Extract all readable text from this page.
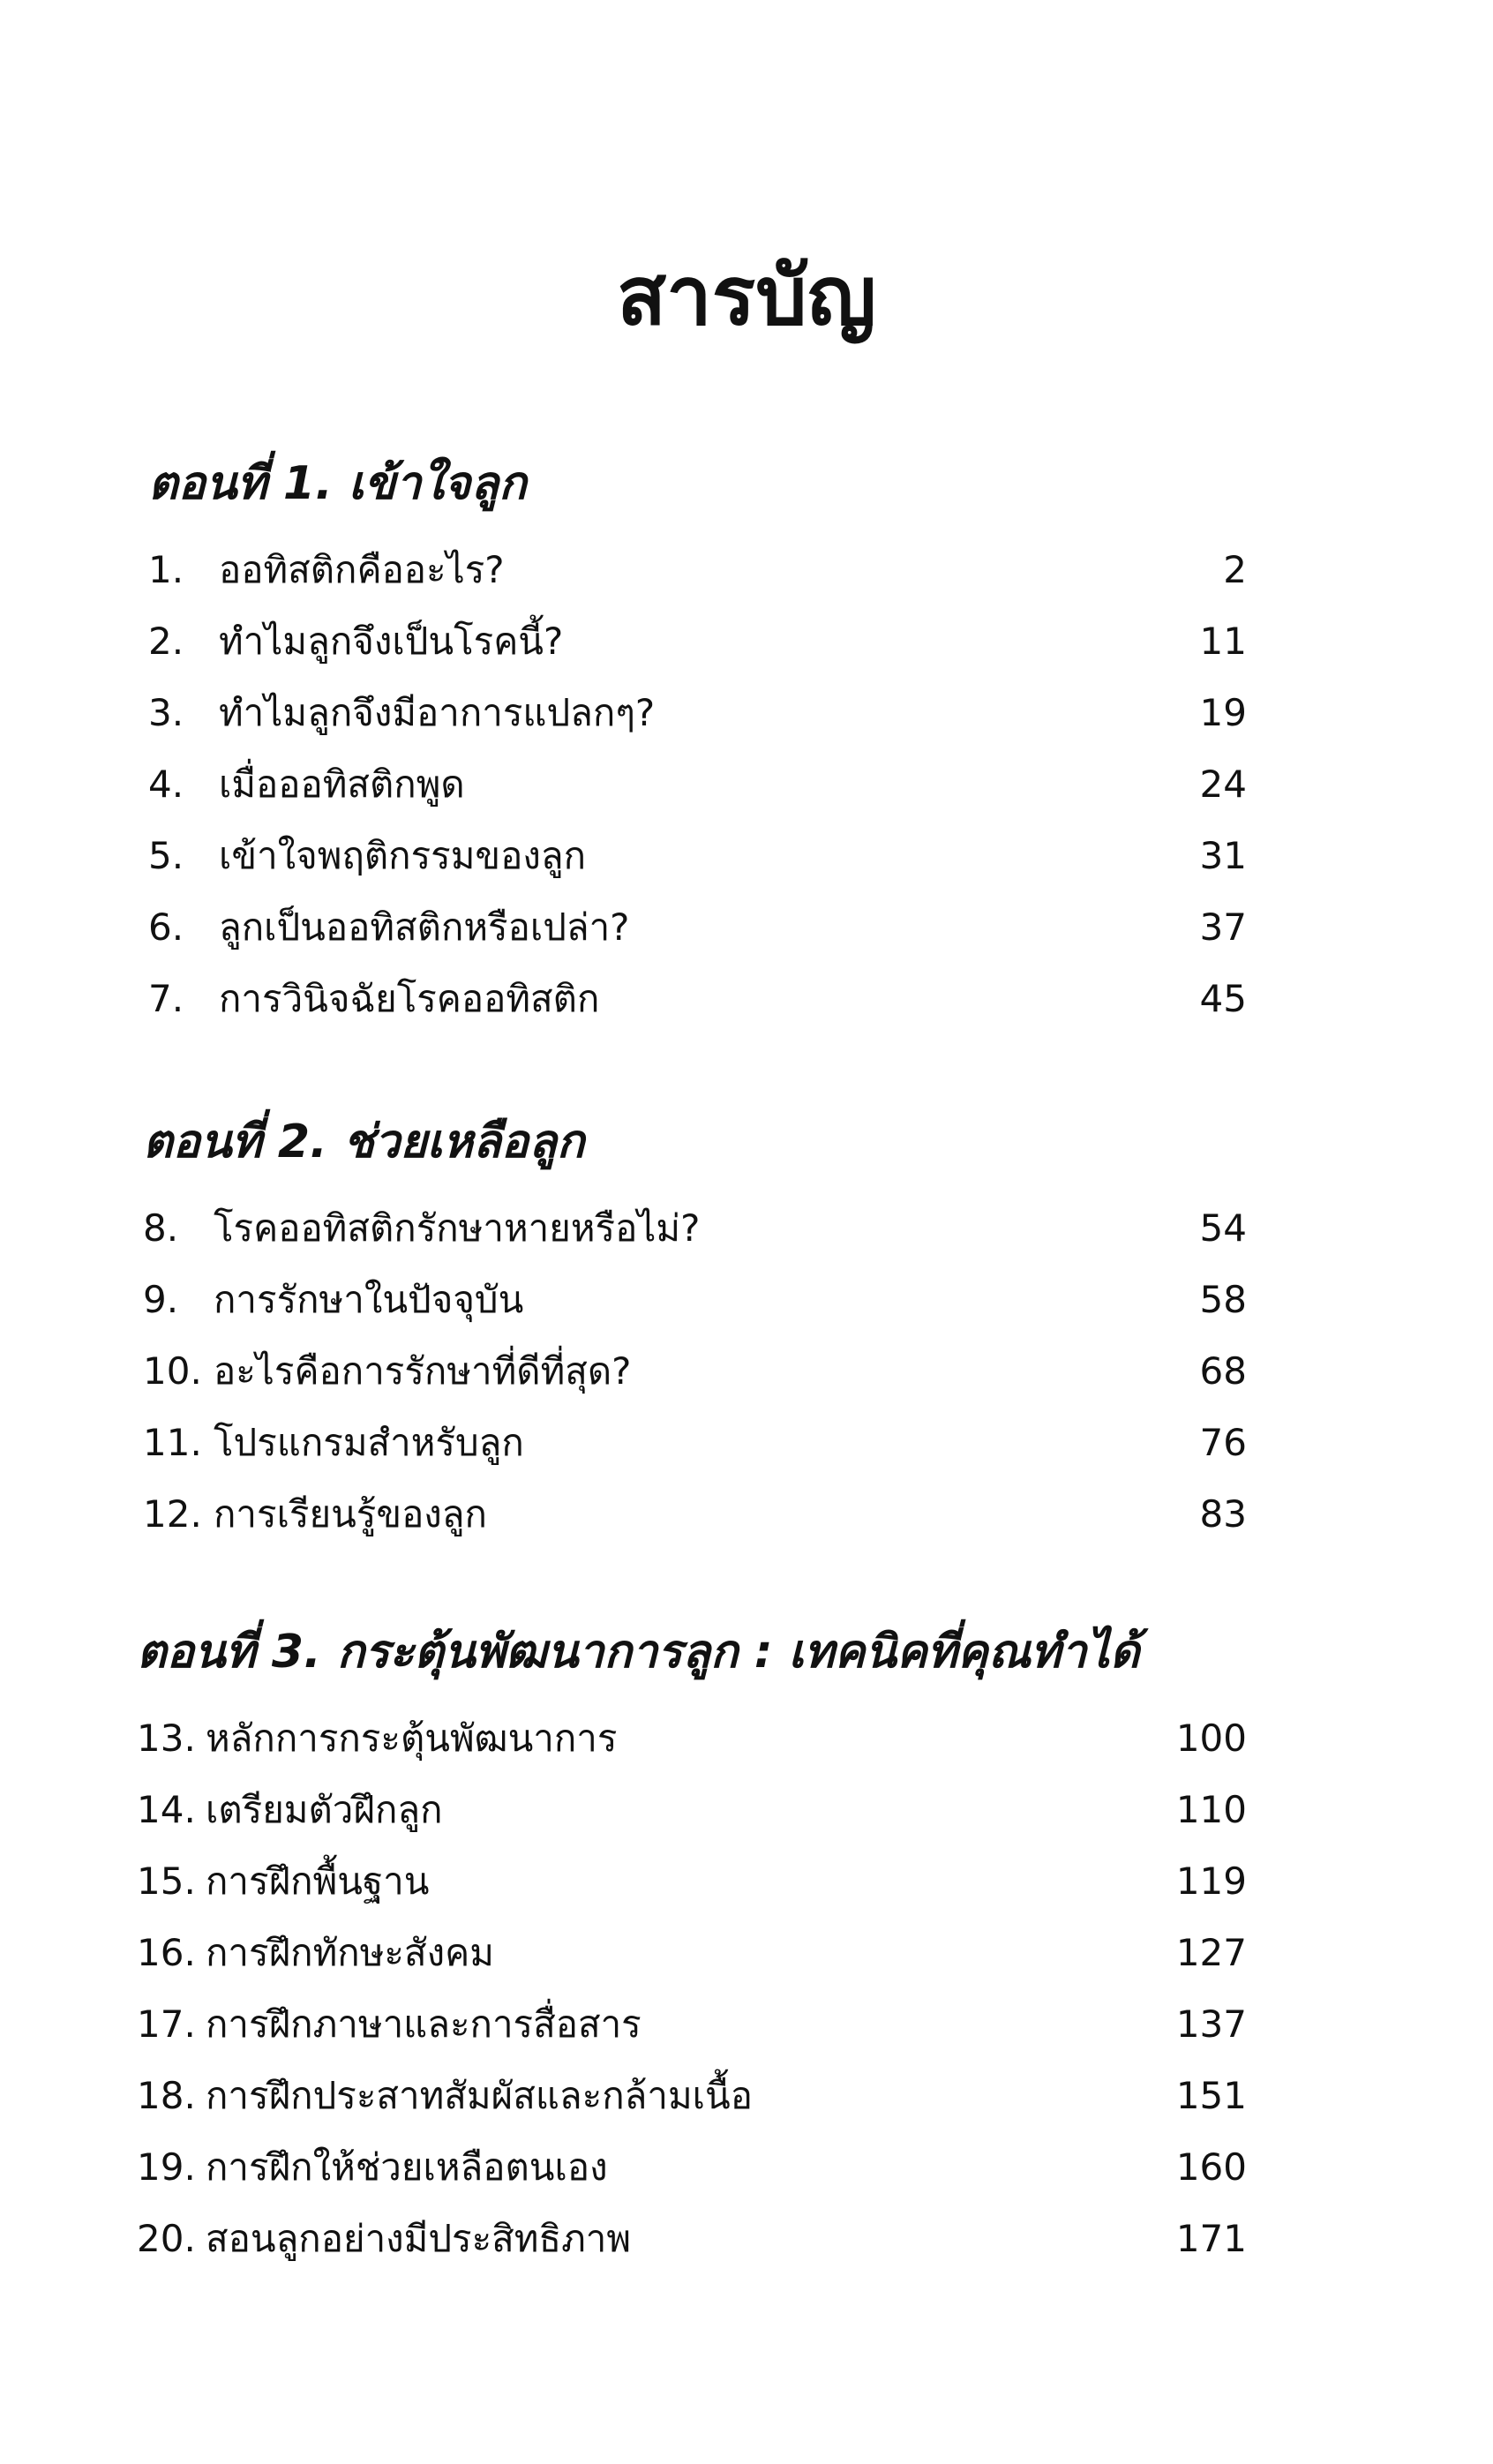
สารบัญ
ตอนที่ 1. เข้าใจลูก
1. ออทิสติกคืออะไร?	2
2. ทำไมลูกจึงเป็นโรคนี้?	11
3. ทำไมลูกจึงมีอาการแปลกๆ?	19
4. เมื่อออทิสติกพูด	24
5. เข้าใจพฤติกรรมของลูก	31
6. ลูกเป็นออทิสติกหรือเปล่า?	37
7. การวินิจฉัยโรคออทิสติก	45
ตอนที่ 2. ช่วยเหลือลูก
8. โรคออทิสติกรักษาหายหรือไม่?	54
9. การรักษาในปัจจุบัน	58
10. อะไรคือการรักษาที่ดีที่สุด?	68
11. โปรแกรมสำหรับลูก	76
12. การเรียนรู้ของลูก	83
ตอนที่ 3. กระตุ้นพัฒนาการลูก : เทคนิคที่คุณทำได้
13. หลักการกระตุ้นพัฒนาการ	100
14. เตรียมตัวฝึกลูก	110
15. การฝึกพื้นฐาน	119
16. การฝึกทักษะสังคม	127
17. การฝึกภาษาและการสื่อสาร	137
18. การฝึกประสาทสัมผัสและกล้ามเนื้อ	151
19. การฝึกให้ช่วยเหลือตนเอง	160
20. สอนลูกอย่างมีประสิทธิภาพ	171
